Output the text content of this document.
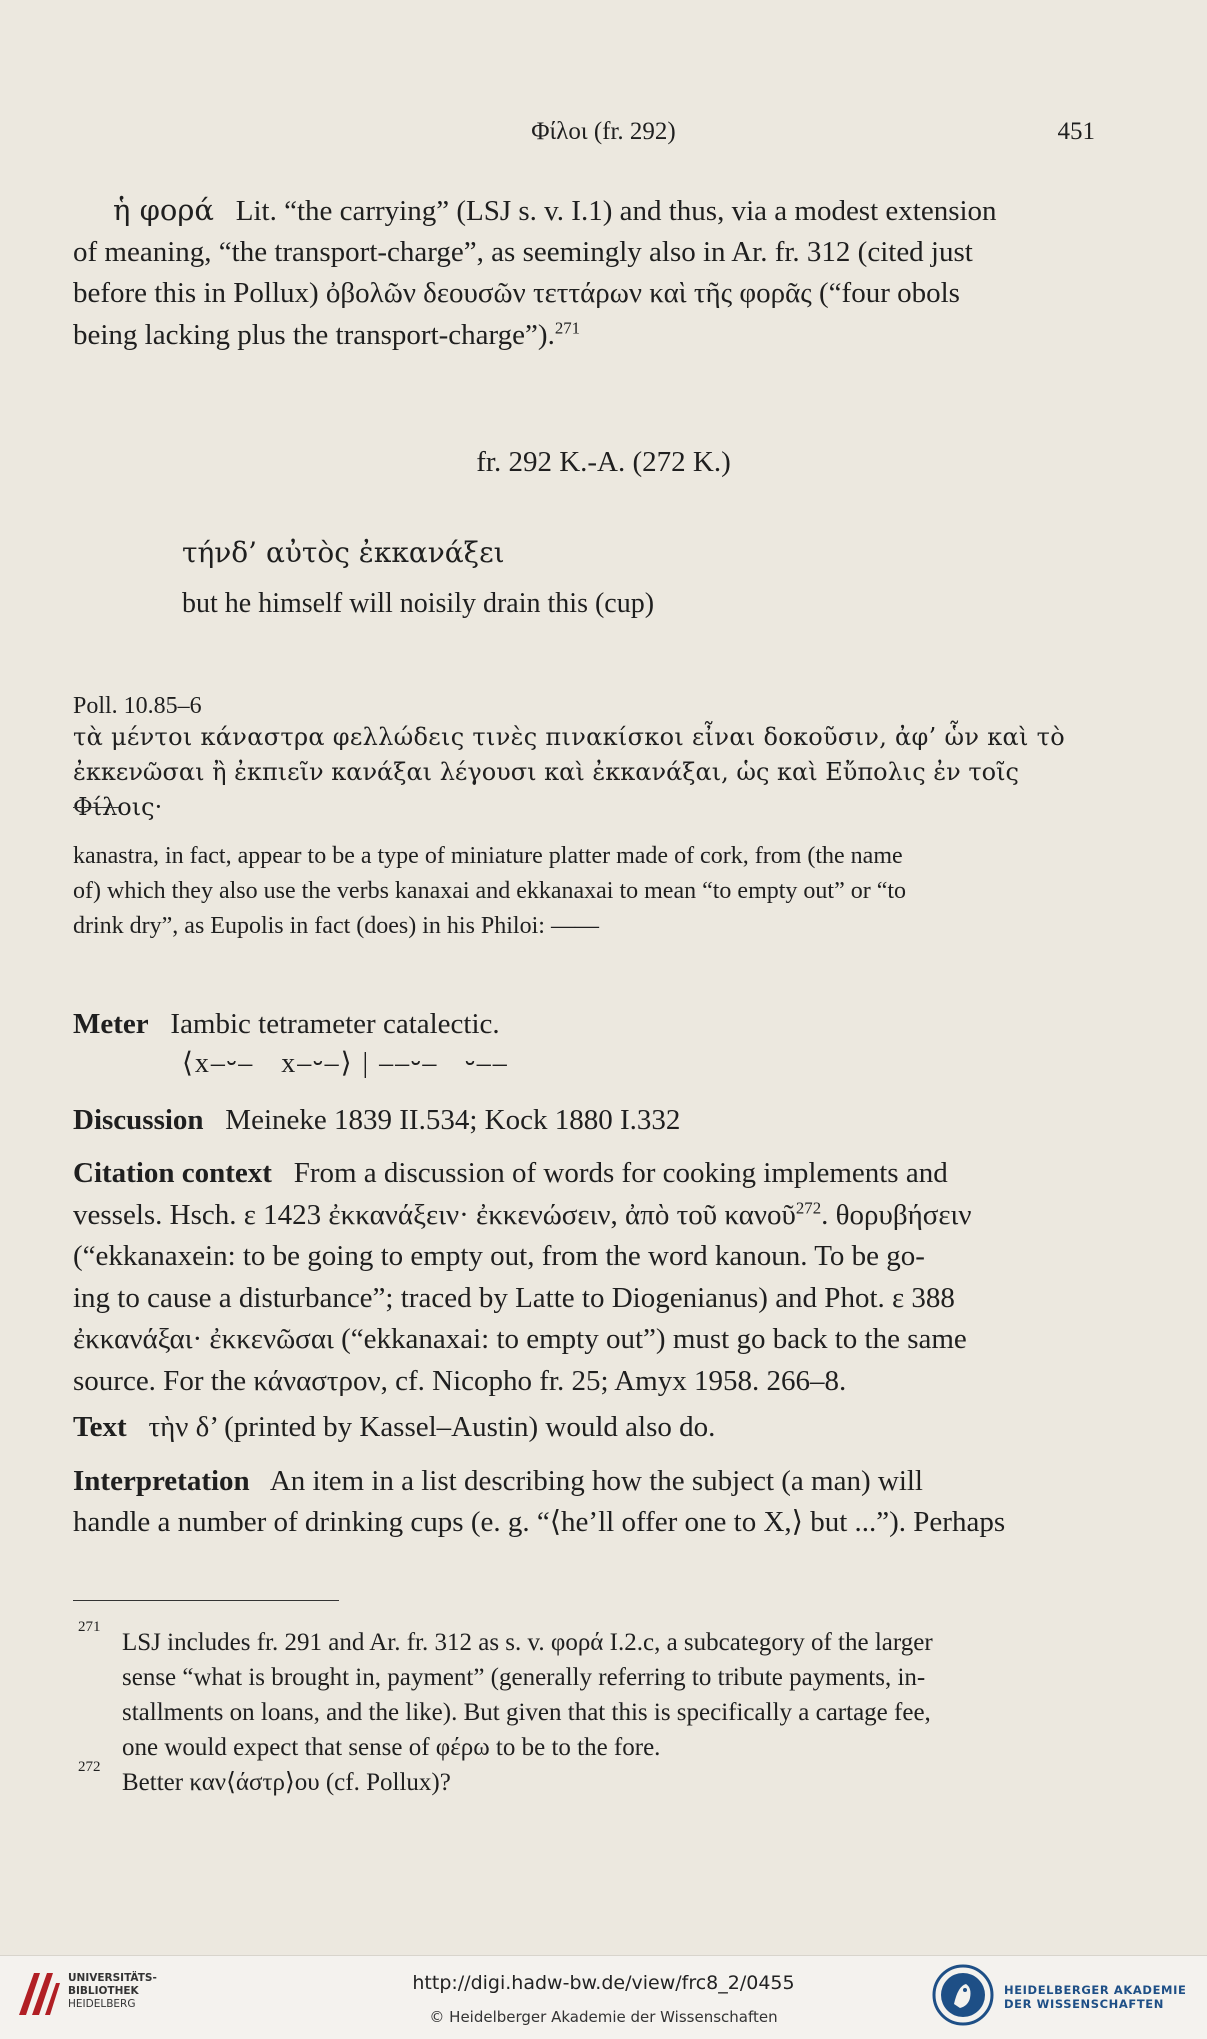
Φίλοι (fr. 292)	451
ἡ φορά Lit. “the carrying” (LSJ s. v. I.1) and thus, via a modest extension
of meaning, “the transport-charge”, as seemingly also in Ar. fr. 312 (cited just
before this in Pollux) ὀβολῶν δεουσῶν τεττάρων καὶ τῆς φορᾶς (“four obols
being lacking plus the transport-charge”).$^{271}$
fr. 292 K.-A. (272 K.)
τήνδ’ αὐτὸς ἐκκανάξει
but he himself will noisily drain this (cup)
Poll. 10.85–6
τὰ μέντοι κάναστρα φελλώδεις τινὲς πινακίσκοι εἶναι δοκοῦσιν, ἀφ’ ὧν καὶ τὸ
ἐκκενῶσαι ἢ ἐκπιεῖν κανάξαι λέγουσι καὶ ἐκκανάξαι, ὡς καὶ Εὔπολις ἐν τοῖς Φίλοις·
kanastra, in fact, appear to be a type of miniature platter made of cork, from (the name
of) which they also use the verbs kanaxai and ekkanaxai to mean “to empty out” or “to
drink dry”, as Eupolis in fact (does) in his Philoi: ——
Meter Iambic tetrameter catalectic.
⟨x–⏑–   x–⏑–⟩ | ––⏑–   ⏑––
Discussion Meineke 1839 II.534; Kock 1880 I.332
Citation context From a discussion of words for cooking implements and
vessels. Hsch. ε 1423 ἐκκανάξειν· ἐκκενώσειν, ἀπὸ τοῦ κανοῦ$^{272}$. θορυβήσειν
(“ekkanaxein: to be going to empty out, from the word kanoun. To be go-
ing to cause a disturbance”; traced by Latte to Diogenianus) and Phot. ε 388
ἐκκανάξαι· ἐκκενῶσαι (“ekkanaxai: to empty out”) must go back to the same
source. For the κάναστρον, cf. Nicopho fr. 25; Amyx 1958. 266–8.
Text τὴν δ’ (printed by Kassel–Austin) would also do.
Interpretation An item in a list describing how the subject (a man) will
handle a number of drinking cups (e. g. “⟨he’ll offer one to X,⟩ but ...”). Perhaps
271
LSJ includes fr. 291 and Ar. fr. 312 as s. v. φορά I.2.c, a subcategory of the larger
sense “what is brought in, payment” (generally referring to tribute payments, in-
stallments on loans, and the like). But given that this is specifically a cartage fee,
one would expect that sense of φέρω to be to the fore.
272
Better καν⟨άστρ⟩ου (cf. Pollux)?
UNIVERSITÄTS-
BIBLIOTHEK
HEIDELBERG
http://digi.hadw-bw.de/view/frc8_2/0455
© Heidelberger Akademie der Wissenschaften
HEIDELBERGER AKADEMIE
DER WISSENSCHAFTEN
